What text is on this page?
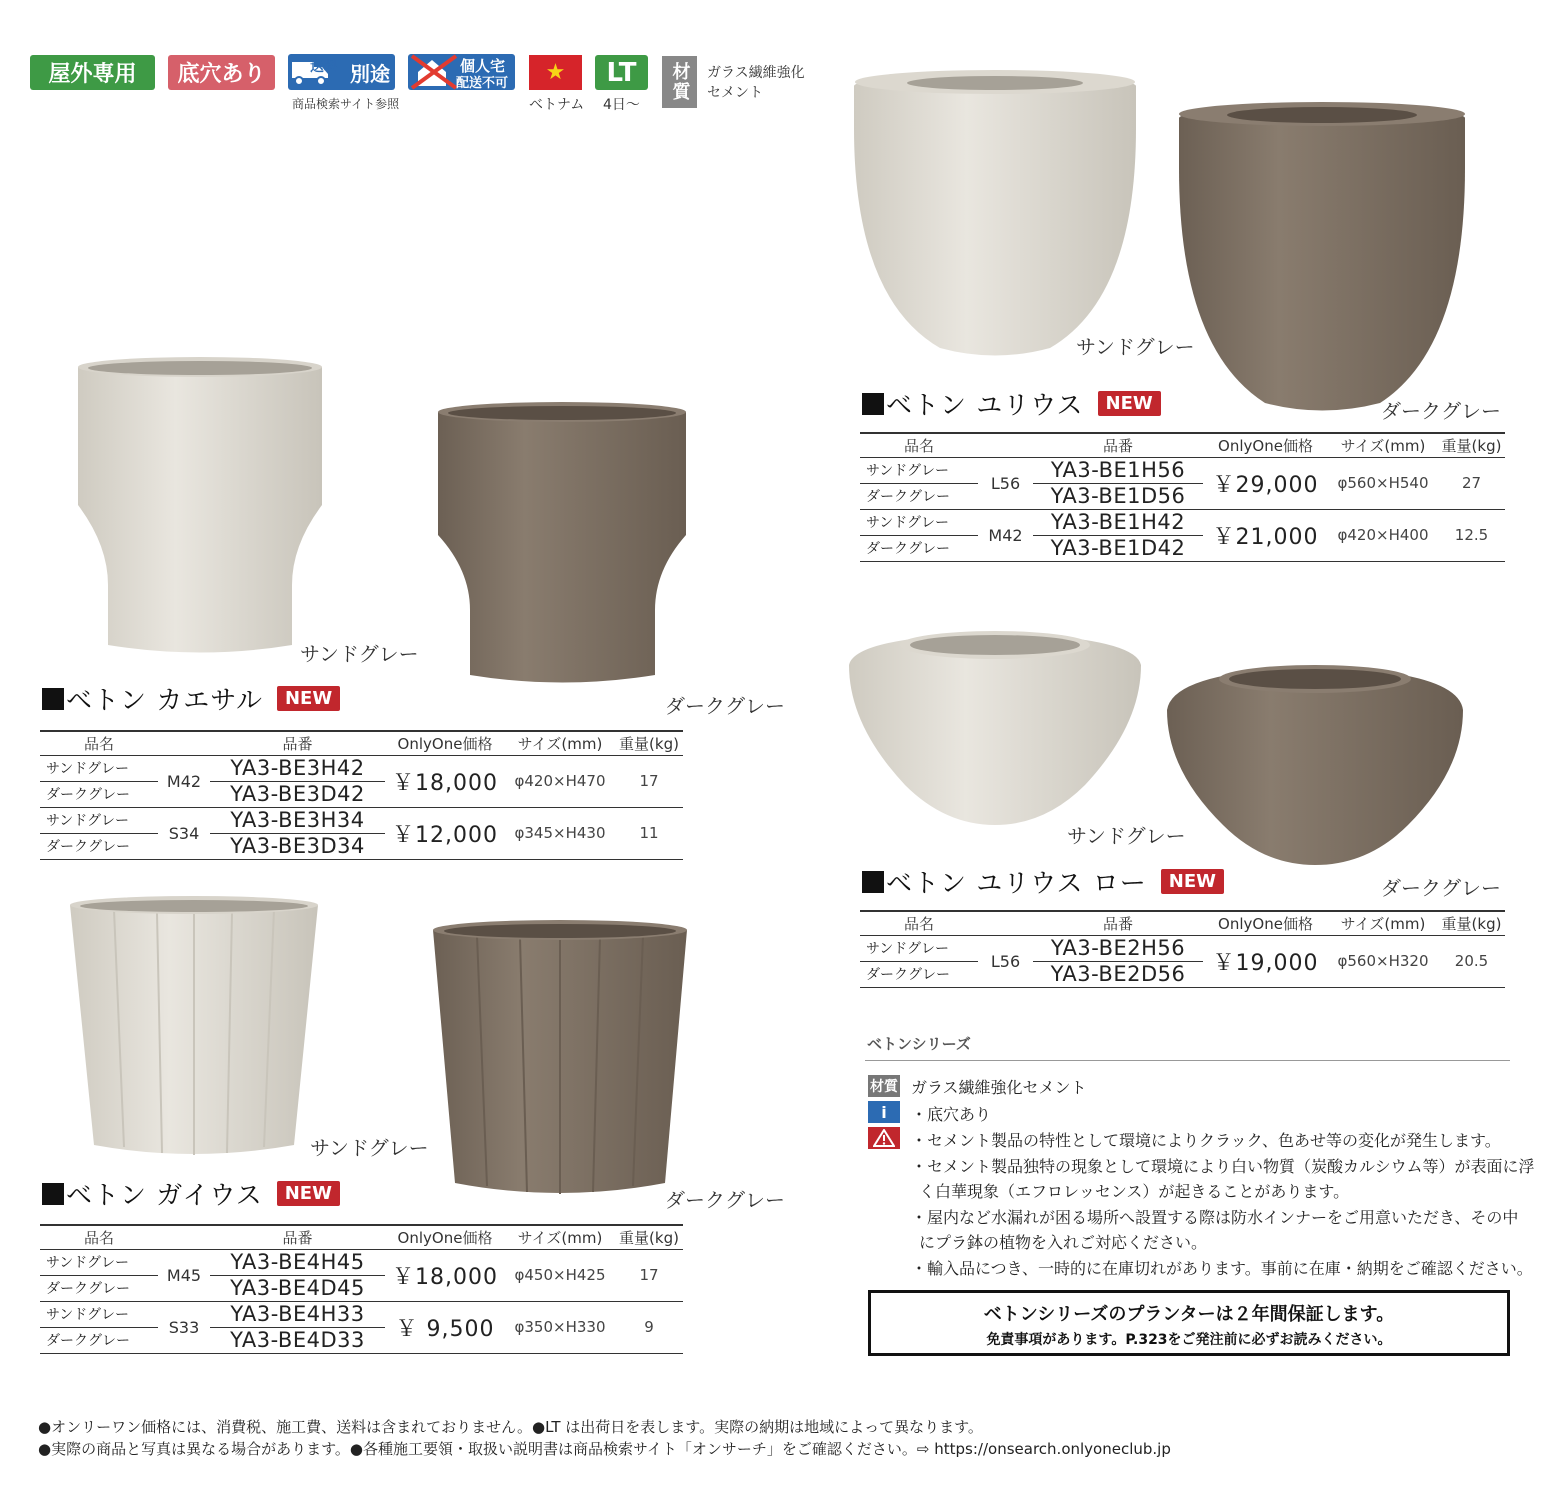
屋外専用	底穴あり	送料 別途
商品検索サイト参照
個人宅
配送不可	★
ベトナム
LT
4日〜
材質	ガラス繊維強化
セメント
サンドグレー
ダークグレー
サンドグレー
ダークグレー
サンドグレー
ダークグレー
サンドグレー
ダークグレー
ベトン カエサル	NEW
ベトン ガイウス	NEW
ベトン ユリウス	NEW
ベトン ユリウス ロー	NEW
品名		品番	OnlyOne価格	サイズ(mm)	重量(kg)
サンドグレー	M42	YA3-BE3H42	￥18,000	φ420×H470	17
ダークグレー		YA3-BE3D42			
サンドグレー	S34	YA3-BE3H34	￥12,000	φ345×H430	11
ダークグレー		YA3-BE3D34			
品名		品番	OnlyOne価格	サイズ(mm)	重量(kg)
サンドグレー	M45	YA3-BE4H45	￥18,000	φ450×H425	17
ダークグレー		YA3-BE4D45			
サンドグレー	S33	YA3-BE4H33	￥ 9,500	φ350×H330	9
ダークグレー		YA3-BE4D33			
品名		品番	OnlyOne価格	サイズ(mm)	重量(kg)
サンドグレー	L56	YA3-BE1H56	￥29,000	φ560×H540	27
ダークグレー		YA3-BE1D56			
サンドグレー	M42	YA3-BE1H42	￥21,000	φ420×H400	12.5
ダークグレー		YA3-BE1D42			
品名		品番	OnlyOne価格	サイズ(mm)	重量(kg)
サンドグレー	L56	YA3-BE2H56	￥19,000	φ560×H320	20.5
ダークグレー		YA3-BE2D56			
ベトンシリーズ
材質 ガラス繊維強化セメント
i	・底穴あり
・セメント製品の特性として環境によりクラック、色あせ等の変化が発生します。
・セメント製品独特の現象として環境により白い物質（炭酸カルシウム等）が表面に浮
く白華現象（エフロレッセンス）が起きることがあります。
・屋内など水漏れが困る場所へ設置する際は防水インナーをご用意いただき、その中
にプラ鉢の植物を入れご対応ください。
・輸入品につき、一時的に在庫切れがあります。事前に在庫・納期をご確認ください。
ベトンシリーズのプランターは２年間保証します。
免責事項があります。P.323をご発注前に必ずお読みください。
●オンリーワン価格には、消費税、施工費、送料は含まれておりません。●LT は出荷日を表します。実際の納期は地域によって異なります。
●実際の商品と写真は異なる場合があります。●各種施工要領・取扱い説明書は商品検索サイト「オンサーチ」をご確認ください。⇨ https://onsearch.onlyoneclub.jp
